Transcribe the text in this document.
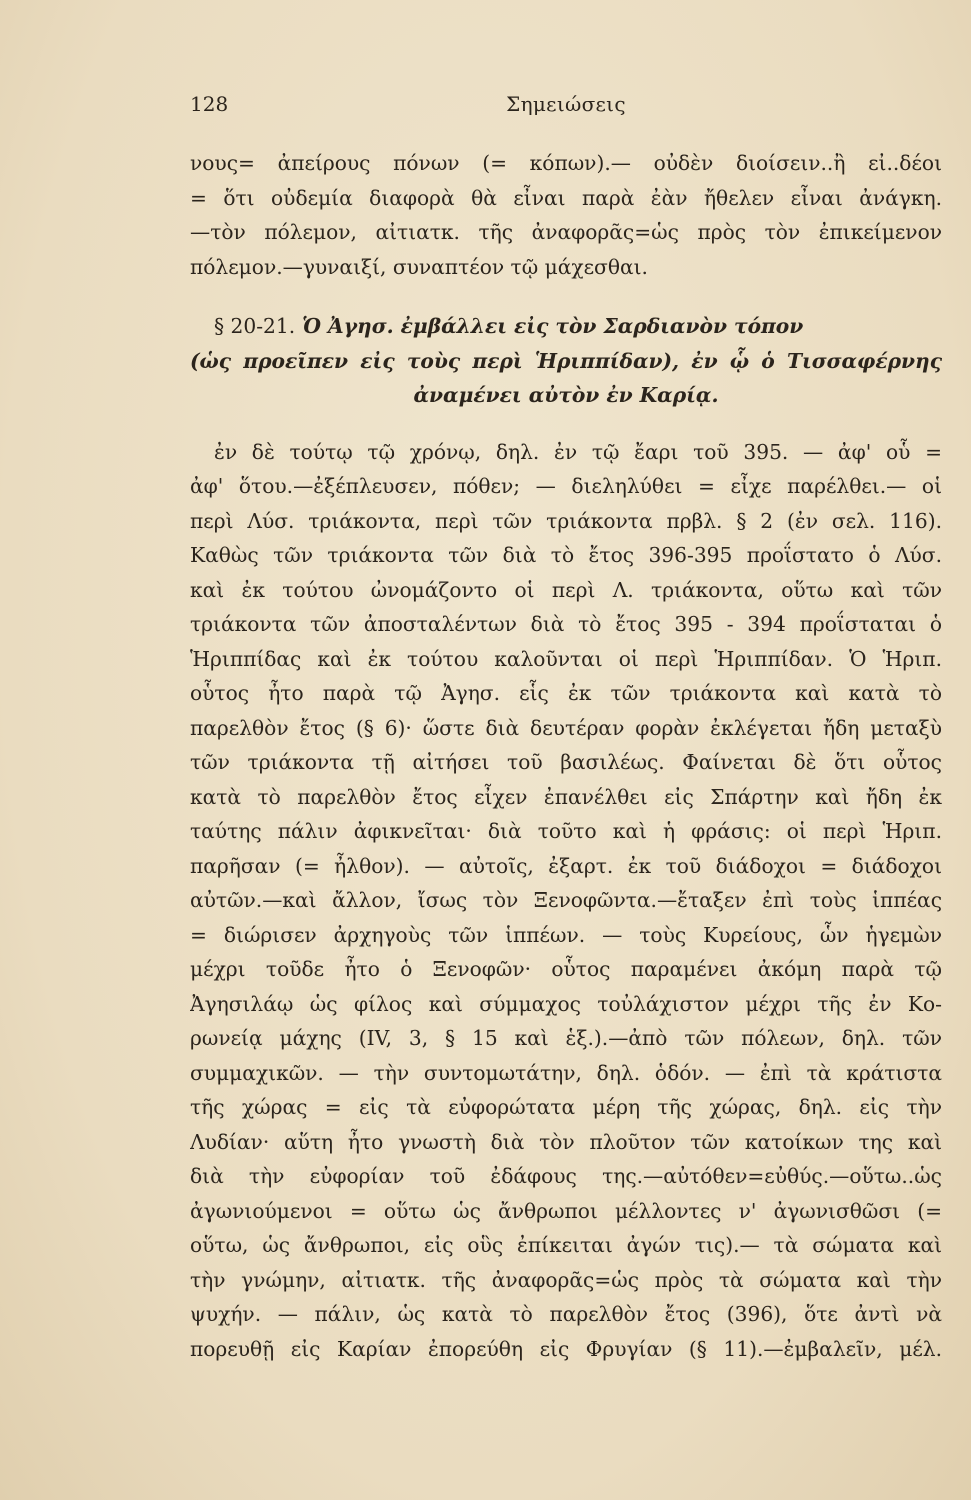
128	Σημειώσεις
νους= ἀπείρους πόνων (= κόπων).— οὐδὲν διοίσειν..ἢ εἰ..δέοι
= ὅτι οὐδεμία διαφορὰ θὰ εἶναι παρὰ ἐὰν ἤθελεν εἶναι ἀνάγκη.
—τὸν πόλεμον, αἰτιατκ. τῆς ἀναφορᾶς=ὡς πρὸς τὸν ἐπικείμενον
πόλεμον.—γυναιξί, συναπτέον τῷ μάχεσθαι.
§ 20-21. Ὁ Ἀγησ. ἐμβάλλει εἰς τὸν Σαρδιανὸν τόπον
(ὡς προεῖπεν εἰς τοὺς περὶ Ἡριππίδαν), ἐν ᾧ ὁ Τισσαφέρνης
ἀναμένει αὐτὸν ἐν Καρίᾳ.
ἐν δὲ τούτῳ τῷ χρόνῳ, δηλ. ἐν τῷ ἔαρι τοῦ 395. — ἀφ' οὗ =
ἀφ' ὅτου.—ἐξέπλευσεν, πόθεν; — διεληλύθει = εἶχε παρέλθει.— οἱ
περὶ Λύσ. τριάκοντα, περὶ τῶν τριάκοντα πρβλ. § 2 (ἐν σελ. 116).
Καθὼς τῶν τριάκοντα τῶν διὰ τὸ ἔτος 396-395 προΐστατο ὁ Λύσ.
καὶ ἐκ τούτου ὠνομάζοντο οἱ περὶ Λ. τριάκοντα, οὕτω καὶ τῶν
τριάκοντα τῶν ἀποσταλέντων διὰ τὸ ἔτος 395 - 394 προΐσταται ὁ
Ἡριππίδας καὶ ἐκ τούτου καλοῦνται οἱ περὶ Ἡριππίδαν. Ὁ Ἡριπ.
οὗτος ἦτο παρὰ τῷ Ἀγησ. εἷς ἐκ τῶν τριάκοντα καὶ κατὰ τὸ
παρελθὸν ἔτος (§ 6)· ὥστε διὰ δευτέραν φορὰν ἐκλέγεται ἤδη μεταξὺ
τῶν τριάκοντα τῇ αἰτήσει τοῦ βασιλέως. Φαίνεται δὲ ὅτι οὗτος
κατὰ τὸ παρελθὸν ἔτος εἶχεν ἐπανέλθει εἰς Σπάρτην καὶ ἤδη ἐκ
ταύτης πάλιν ἀφικνεῖται· διὰ τοῦτο καὶ ἡ φράσις: οἱ περὶ Ἡριπ.
παρῆσαν (= ἦλθον). — αὐτοῖς, ἐξαρτ. ἐκ τοῦ διάδοχοι = διάδοχοι
αὐτῶν.—καὶ ἄλλον, ἴσως τὸν Ξενοφῶντα.—ἔταξεν ἐπὶ τοὺς ἱππέας
= διώρισεν ἀρχηγοὺς τῶν ἱππέων. — τοὺς Κυρείους, ὧν ἡγεμὼν
μέχρι τοῦδε ἦτο ὁ Ξενοφῶν· οὗτος παραμένει ἀκόμη παρὰ τῷ
Ἀγησιλάῳ ὡς φίλος καὶ σύμμαχος τοὐλάχιστον μέχρι τῆς ἐν Κο-
ρωνείᾳ μάχης (IV, 3, § 15 καὶ ἑξ.).—ἀπὸ τῶν πόλεων, δηλ. τῶν
συμμαχικῶν. — τὴν συντομωτάτην, δηλ. ὁδόν. — ἐπὶ τὰ κράτιστα
τῆς χώρας = εἰς τὰ εὐφορώτατα μέρη τῆς χώρας, δηλ. εἰς τὴν
Λυδίαν· αὕτη ἦτο γνωστὴ διὰ τὸν πλοῦτον τῶν κατοίκων της καὶ
διὰ τὴν εὐφορίαν τοῦ ἐδάφους της.—αὐτόθεν=εὐθύς.—οὕτω..ὡς
ἀγωνιούμενοι = οὕτω ὡς ἄνθρωποι μέλλοντες ν' ἀγωνισθῶσι (=
οὕτω, ὡς ἄνθρωποι, εἰς οὓς ἐπίκειται ἀγών τις).— τὰ σώματα καὶ
τὴν γνώμην, αἰτιατκ. τῆς ἀναφορᾶς=ὡς πρὸς τὰ σώματα καὶ τὴν
ψυχήν. — πάλιν, ὡς κατὰ τὸ παρελθὸν ἔτος (396), ὅτε ἀντὶ νὰ
πορευθῇ εἰς Καρίαν ἐπορεύθη εἰς Φρυγίαν (§ 11).—ἐμβαλεῖν, μέλ.
